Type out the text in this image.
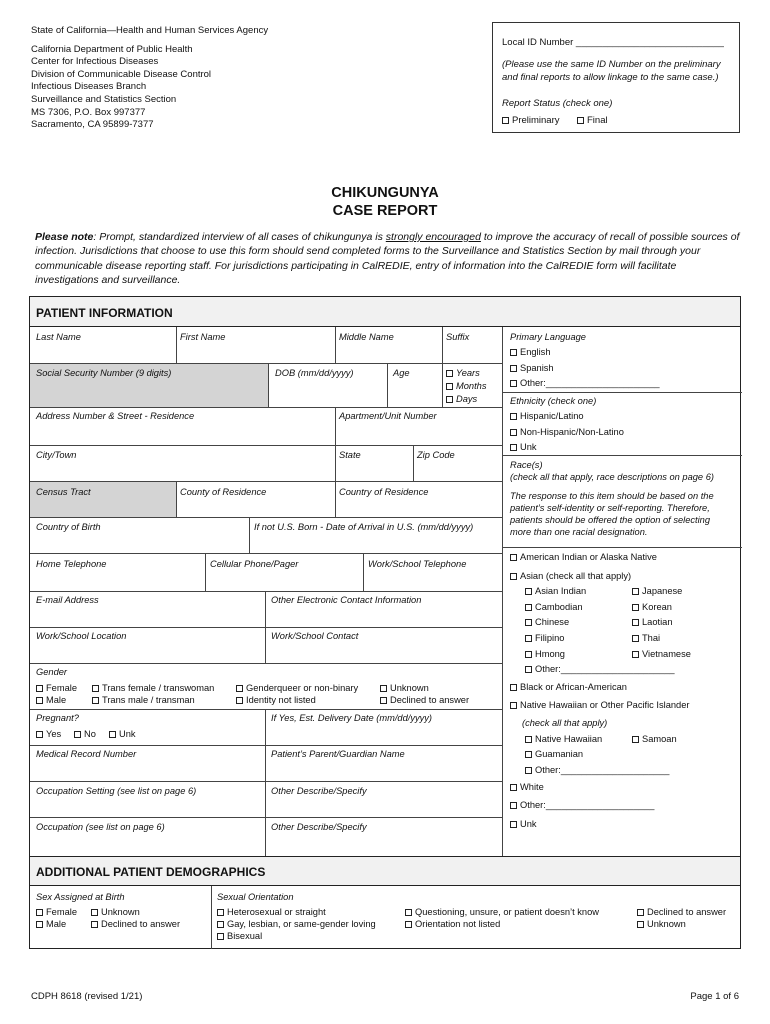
State of California—Health and Human Services Agency
California Department of Public Health
Center for Infectious Diseases
Division of Communicable Disease Control
Infectious Diseases Branch
Surveillance and Statistics Section
MS 7306, P.O. Box 997377
Sacramento, CA 95899-7377
Local ID Number ____________________________
(Please use the same ID Number on the preliminary
and final reports to allow linkage to the same case.)
Report Status (check one)
Preliminary	Final
CHIKUNGUNYA
CASE REPORT
Please note: Prompt, standardized interview of all cases of chikungunya is strongly encouraged to improve the accuracy of recall of possible sources of infection. Jurisdictions that choose to use this form should send completed forms to the Surveillance and Statistics Section by mail through your communicable disease reporting staff. For jurisdictions participating in CalREDIE, entry of information into the CalREDIE form will facilitate investigations and surveillance.
PATIENT INFORMATION
Last Name	First Name	Middle Name	Suffix
Social Security Number (9 digits)	DOB (mm/dd/yyyy)	Age	Years
Months
Days
Address Number & Street - Residence	Apartment/Unit Number
City/Town	State	Zip Code
Census Tract	County of Residence	Country of Residence
Country of Birth	If not U.S. Born - Date of Arrival in U.S. (mm/dd/yyyy)
Home Telephone	Cellular Phone/Pager	Work/School Telephone
E-mail Address	Other Electronic Contact Information
Work/School Location	Work/School Contact
Gender
Female
Male
Trans female / transwoman
Trans male / transman
Genderqueer or non-binary
Identity not listed
Unknown
Declined to answer
Pregnant?
Yes	No	Unk
If Yes, Est. Delivery Date (mm/dd/yyyy)
Medical Record Number	Patient’s Parent/Guardian Name
Occupation Setting (see list on page 6)	Other Describe/Specify
Occupation (see list on page 6)	Other Describe/Specify
Primary Language
English
Spanish
Other:______________________
Ethnicity (check one)
Hispanic/Latino
Non-Hispanic/Non-Latino
Unk
Race(s)
(check all that apply, race descriptions on page 6)
The response to this item should be based on the
patient’s self-identity or self-reporting. Therefore,
patients should be offered the option of selecting
more than one racial designation.
American Indian or Alaska Native
Asian (check all that apply)
Asian Indian
Cambodian
Chinese
Filipino
Hmong
Other:______________________
Japanese
Korean
Laotian
Thai
Vietnamese
Black or African-American
Native Hawaiian or Other Pacific Islander
(check all that apply)
Native Hawaiian	Samoan
Guamanian
Other:_____________________
White
Other:_____________________
Unk
ADDITIONAL PATIENT DEMOGRAPHICS
Sex Assigned at Birth
Female
Male
Unknown
Declined to answer
Sexual Orientation
Heterosexual or straight
Gay, lesbian, or same-gender loving
Bisexual
Questioning, unsure, or patient doesn’t know
Orientation not listed
Declined to answer
Unknown
CDPH 8618 (revised 1/21)	Page 1 of 6
